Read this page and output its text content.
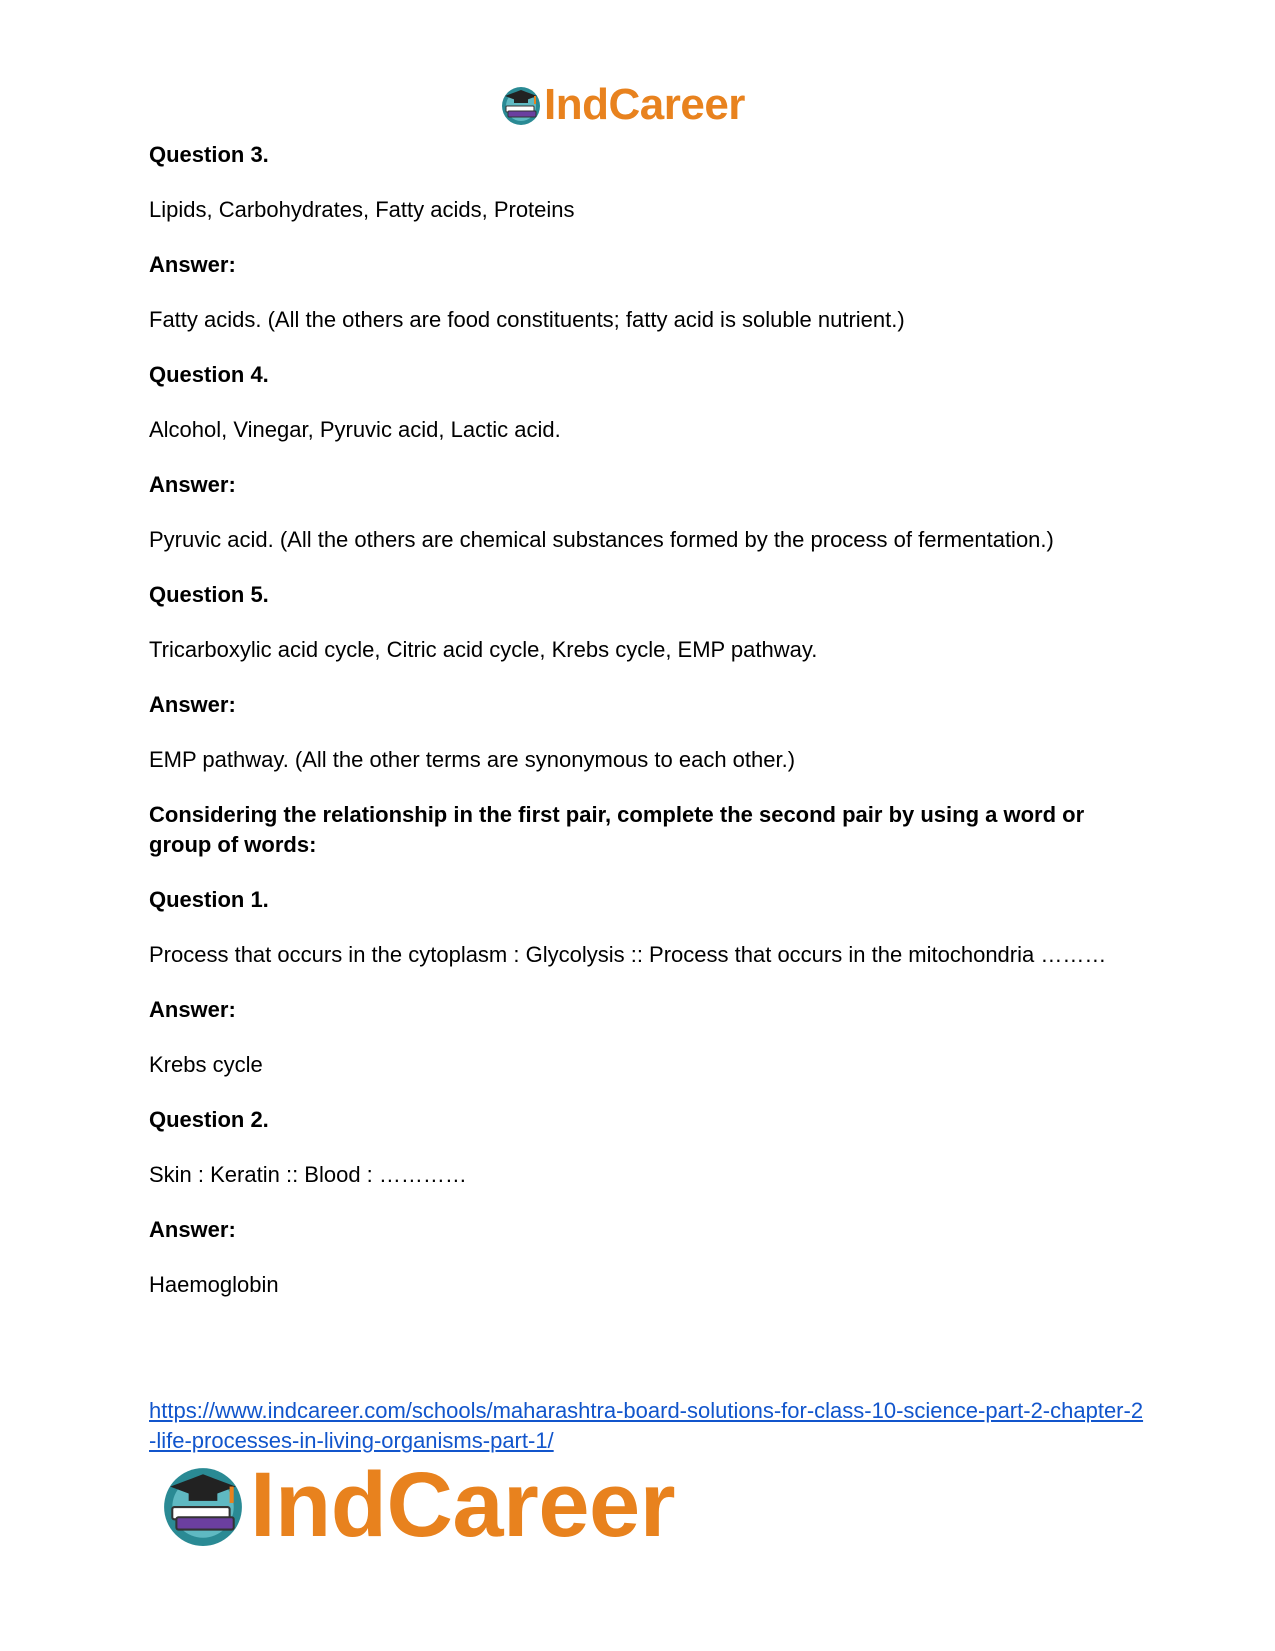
IndCareer
Question 3.
Lipids, Carbohydrates, Fatty acids, Proteins
Answer:
Fatty acids. (All the others are food constituents; fatty acid is soluble nutrient.)
Question 4.
Alcohol, Vinegar, Pyruvic acid, Lactic acid.
Answer:
Pyruvic acid. (All the others are chemical substances formed by the process of fermentation.)
Question 5.
Tricarboxylic acid cycle, Citric acid cycle, Krebs cycle, EMP pathway.
Answer:
EMP pathway. (All the other terms are synonymous to each other.)
Considering the relationship in the first pair, complete the second pair by using a word or group of words:
Question 1.
Process that occurs in the cytoplasm : Glycolysis :: Process that occurs in the mitochondria ………
Answer:
Krebs cycle
Question 2.
Skin : Keratin :: Blood : …………
Answer:
Haemoglobin
https://www.indcareer.com/schools/maharashtra-board-solutions-for-class-10-science-part-2-chapter-2-life-processes-in-living-organisms-part-1/
IndCareer
